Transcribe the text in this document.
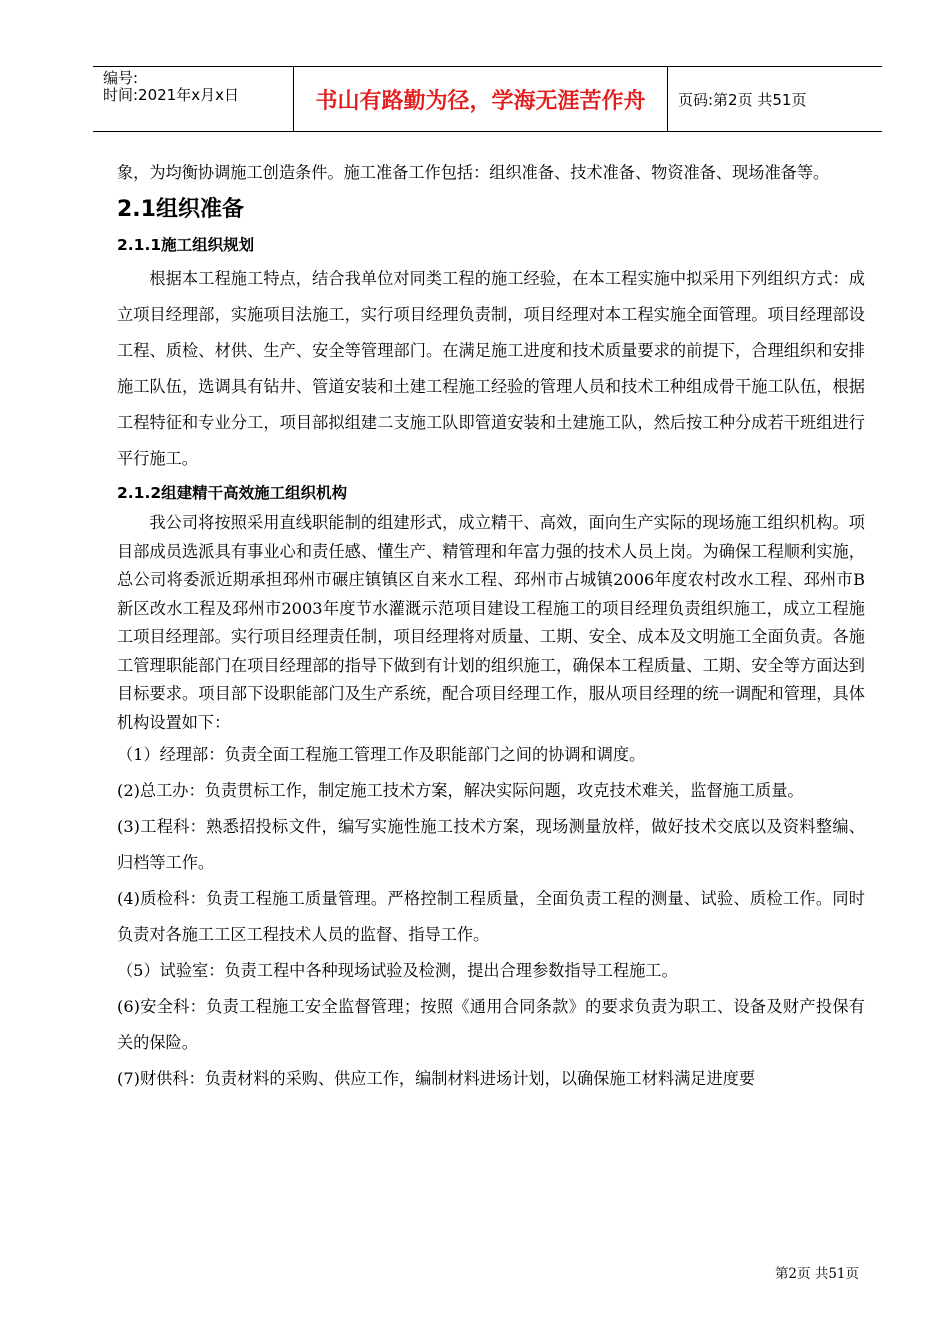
编号:
时间:2021年x月x日	书山有路勤为径，学海无涯苦作舟	页码:第2页 共51页

象，为均衡协调施工创造条件。施工准备工作包括：组织准备、技术准备、物资准备、现场准备等。

2.1组织准备
2.1.1施工组织规划

根据本工程施工特点，结合我单位对同类工程的施工经验，在本工程实施中拟采用下列组织方式：成立项目经理部，实施项目法施工，实行项目经理负责制，项目经理对本工程实施全面管理。项目经理部设工程、质检、材供、生产、安全等管理部门。在满足施工进度和技术质量要求的前提下，合理组织和安排施工队伍，选调具有钻井、管道安装和土建工程施工经验的管理人员和技术工种组成骨干施工队伍，根据工程特征和专业分工，项目部拟组建二支施工队即管道安装和土建施工队，然后按工种分成若干班组进行平行施工。

2.1.2组建精干高效施工组织机构

我公司将按照采用直线职能制的组建形式，成立精干、高效，面向生产实际的现场施工组织机构。项目部成员选派具有事业心和责任感、懂生产、精管理和年富力强的技术人员上岗。为确保工程顺利实施，总公司将委派近期承担邳州市碾庄镇镇区自来水工程、邳州市占城镇2006年度农村改水工程、邳州市B新区改水工程及邳州市2003年度节水灌溉示范项目建设工程施工的项目经理负责组织施工，成立工程施工项目经理部。实行项目经理责任制，项目经理将对质量、工期、安全、成本及文明施工全面负责。各施工管理职能部门在项目经理部的指导下做到有计划的组织施工，确保本工程质量、工期、安全等方面达到目标要求。项目部下设职能部门及生产系统，配合项目经理工作，服从项目经理的统一调配和管理，具体机构设置如下：

（1）经理部：负责全面工程施工管理工作及职能部门之间的协调和调度。

(2)总工办：负责贯标工作，制定施工技术方案，解决实际问题，攻克技术难关，监督施工质量。

(3)工程科：熟悉招投标文件，编写实施性施工技术方案，现场测量放样，做好技术交底以及资料整编、归档等工作。

(4)质检科：负责工程施工质量管理。严格控制工程质量，全面负责工程的测量、试验、质检工作。同时负责对各施工工区工程技术人员的监督、指导工作。

（5）试验室：负责工程中各种现场试验及检测，提出合理参数指导工程施工。

(6)安全科：负责工程施工安全监督管理；按照《通用合同条款》的要求负责为职工、设备及财产投保有关的保险。

(7)财供科：负责材料的采购、供应工作，编制材料进场计划，以确保施工材料满足进度要

第2页 共51页
